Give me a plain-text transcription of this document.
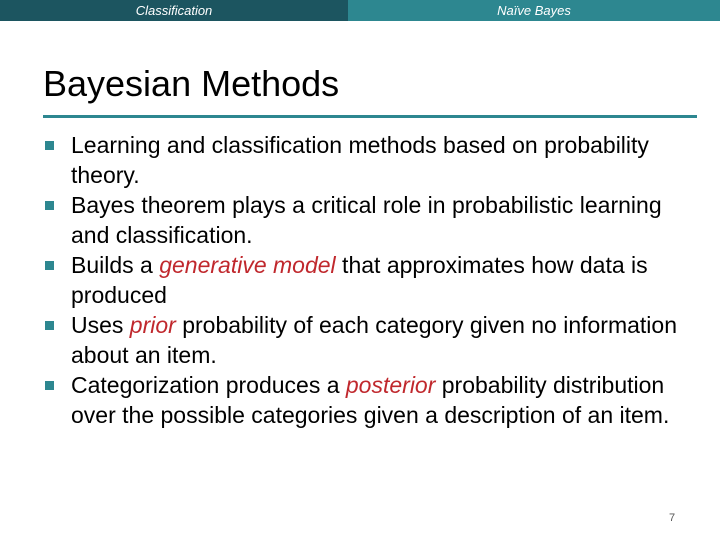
Classification	Naïve Bayes
Bayesian Methods
Learning and classification methods based on probability theory.
Bayes theorem plays a critical role in probabilistic learning and classification.
Builds a generative model that approximates how data is produced
Uses prior probability of each category given no information about an item.
Categorization produces a posterior probability distribution over the possible categories given a description of an item.
7
